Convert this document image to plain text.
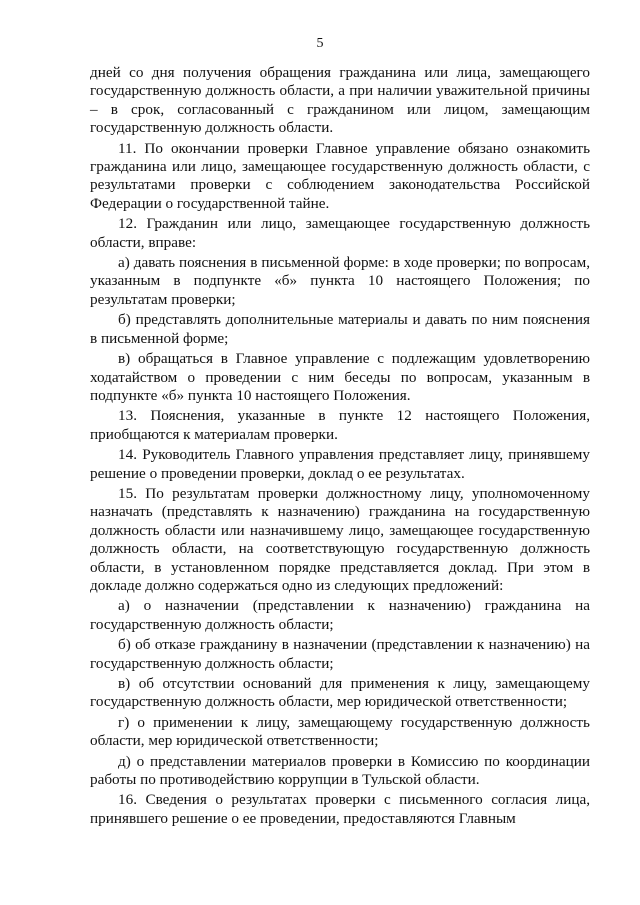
5

дней со дня получения обращения гражданина или лица, замещающего государственную должность области, а при наличии уважительной причины – в срок, согласованный с гражданином или лицом, замещающим государственную должность области.

11. По окончании проверки Главное управление обязано ознакомить гражданина или лицо, замещающее государственную должность области, с результатами проверки с соблюдением законодательства Российской Федерации о государственной тайне.

12. Гражданин или лицо, замещающее государственную должность области, вправе:

а) давать пояснения в письменной форме: в ходе проверки; по вопросам, указанным в подпункте «б» пункта 10 настоящего Положения; по результатам проверки;

б) представлять дополнительные материалы и давать по ним пояснения в письменной форме;

в) обращаться в Главное управление с подлежащим удовлетворению ходатайством о проведении с ним беседы по вопросам, указанным в подпункте «б» пункта 10 настоящего Положения.

13. Пояснения, указанные в пункте 12 настоящего Положения, приобщаются к материалам проверки.

14. Руководитель Главного управления представляет лицу, принявшему решение о проведении проверки, доклад о ее результатах.

15. По результатам проверки должностному лицу, уполномоченному назначать (представлять к назначению) гражданина на государственную должность области или назначившему лицо, замещающее государственную должность области, на соответствующую государственную должность области, в установленном порядке представляется доклад. При этом в докладе должно содержаться одно из следующих предложений:

а) о назначении (представлении к назначению) гражданина на государственную должность области;

б) об отказе гражданину в назначении (представлении к назначению) на государственную должность области;

в) об отсутствии оснований для применения к лицу, замещающему государственную должность области, мер юридической ответственности;

г) о применении к лицу, замещающему государственную должность области, мер юридической ответственности;

д) о представлении материалов проверки в Комиссию по координации работы по противодействию коррупции в Тульской области.

16. Сведения о результатах проверки с письменного согласия лица, принявшего решение о ее проведении, предоставляются Главным
